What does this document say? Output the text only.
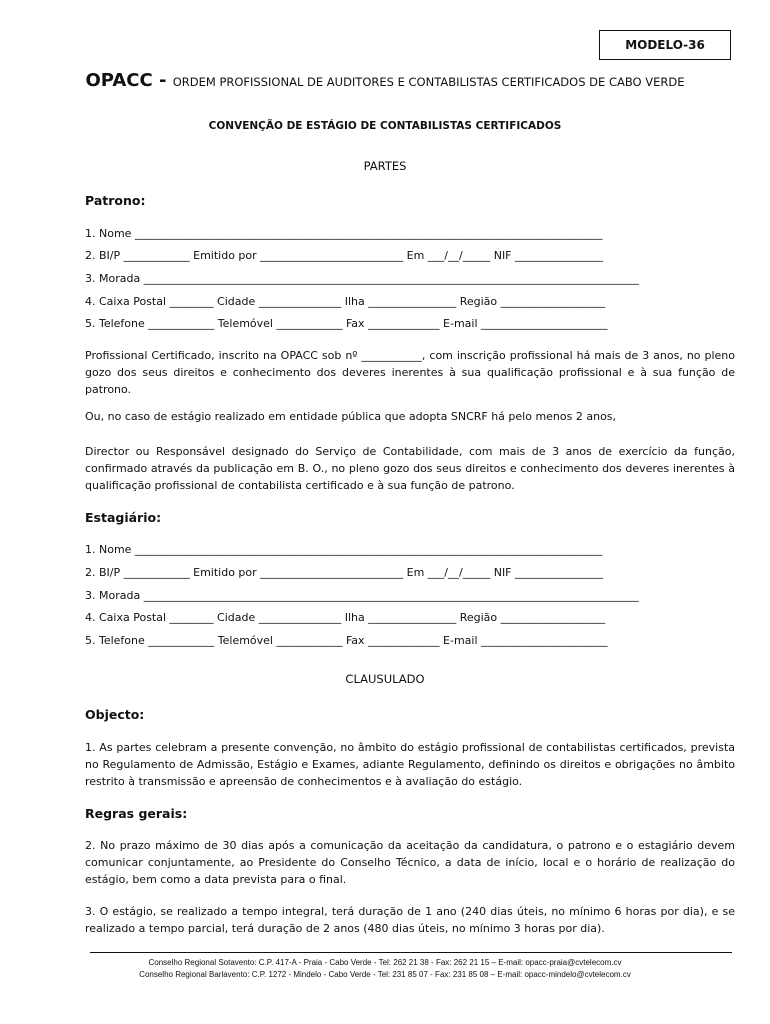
MODELO-36
OPACC - ORDEM PROFISSIONAL DE AUDITORES E CONTABILISTAS CERTIFICADOS DE CABO VERDE
CONVENÇÃO DE ESTÁGIO DE CONTABILISTAS CERTIFICADOS
PARTES
Patrono:
1. Nome _____________________________________________________________________________________
2. BI/P ____________ Emitido por __________________________ Em ___/__/_____ NIF ________________
3. Morada __________________________________________________________________________________________
4. Caixa Postal ________ Cidade _______________ Ilha ________________ Região ___________________
5. Telefone ____________ Telemóvel ____________ Fax _____________ E-mail _______________________
Profissional Certificado, inscrito na OPACC sob nº ___________, com inscrição profissional há mais de 3 anos, no pleno gozo dos seus direitos e conhecimento dos deveres inerentes à sua qualificação profissional e à sua função de patrono.
Ou, no caso de estágio realizado em entidade pública que adopta SNCRF há pelo menos 2 anos,
Director ou Responsável designado do Serviço de Contabilidade, com mais de 3 anos de exercício da função, confirmado através da publicação em B. O., no pleno gozo dos seus direitos e conhecimento dos deveres inerentes à qualificação profissional de contabilista certificado e à sua função de patrono.
Estagiário:
1. Nome _____________________________________________________________________________________
2. BI/P ____________ Emitido por __________________________ Em ___/__/_____ NIF ________________
3. Morada __________________________________________________________________________________________
4. Caixa Postal ________ Cidade _______________ Ilha ________________ Região ___________________
5. Telefone ____________ Telemóvel ____________ Fax _____________ E-mail _______________________
CLAUSULADO
Objecto:
1. As partes celebram a presente convenção, no âmbito do estágio profissional de contabilistas certificados, prevista no Regulamento de Admissão, Estágio e Exames, adiante Regulamento, definindo os direitos e obrigações no âmbito restrito à transmissão e apreensão de conhecimentos e à avaliação do estágio.
Regras gerais:
2. No prazo máximo de 30 dias após a comunicação da aceitação da candidatura, o patrono e o estagiário devem comunicar conjuntamente, ao Presidente do Conselho Técnico, a data de início, local e o horário de realização do estágio, bem como a data prevista para o final.
3. O estágio, se realizado a tempo integral, terá duração de 1 ano (240 dias úteis, no mínimo 6 horas por dia), e se realizado a tempo parcial, terá duração de 2 anos (480 dias úteis, no mínimo 3 horas por dia).
Conselho Regional Sotavento: C.P. 417-A - Praia - Cabo Verde - Tel: 262 21 38 - Fax: 262 21 15 – E-mail: opacc-praia@cvtelecom.cv
Conselho Regional Barlavento: C.P. 1272 - Mindelo - Cabo Verde - Tel: 231 85 07 - Fax: 231 85 08 – E-mail: opacc-mindelo@cvtelecom.cv
